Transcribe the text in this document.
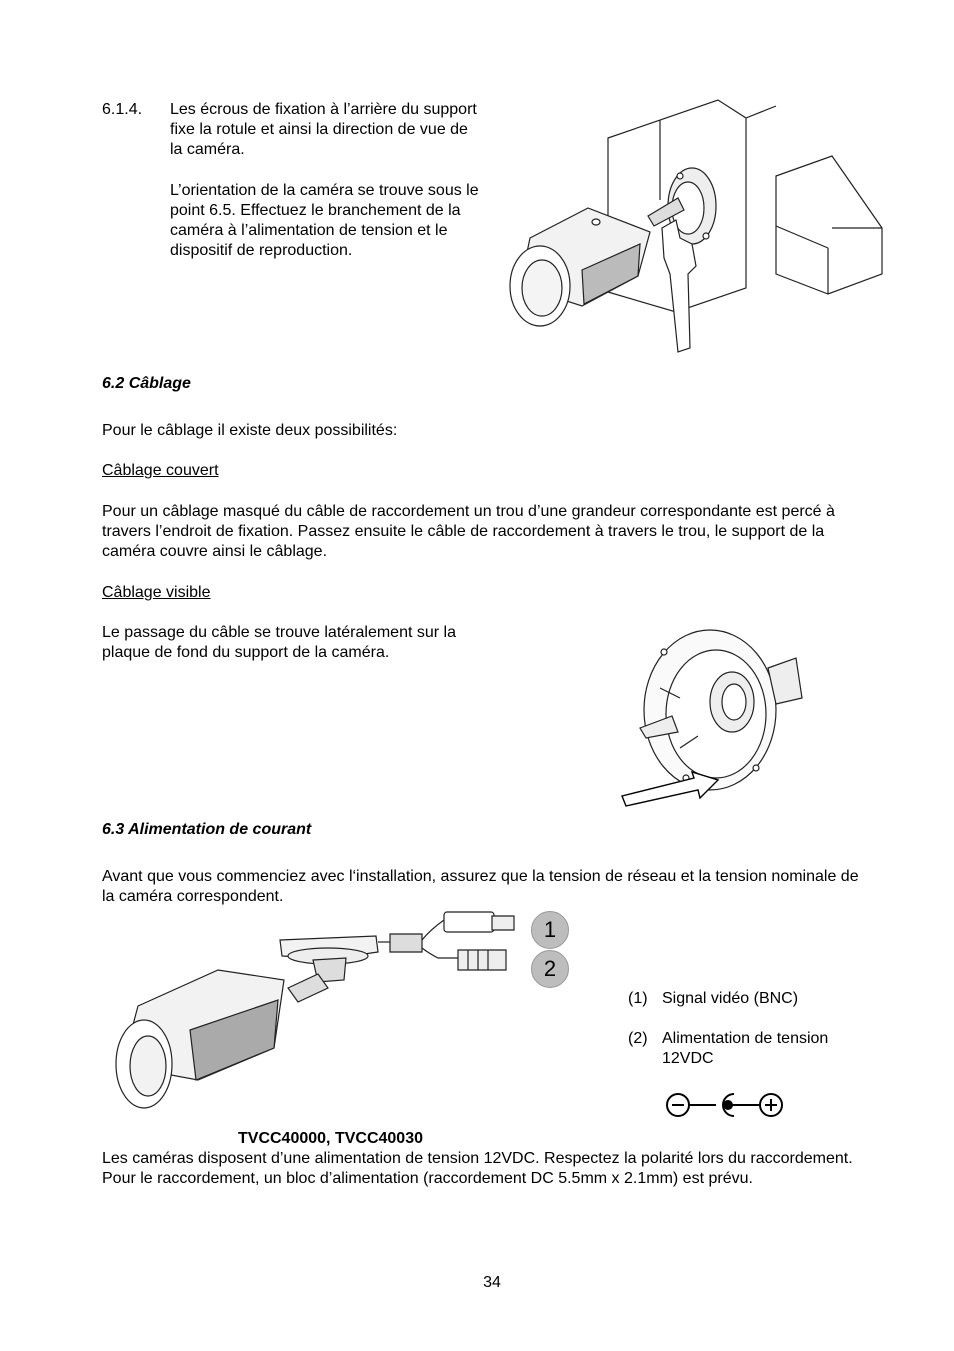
6.1.4.	Les écrous de fixation à l’arrière du support fixe la rotule et ainsi la direction de vue de la caméra.

L’orientation de la caméra se trouve sous le point 6.5. Effectuez le branchement de la caméra à l’alimentation de tension et le dispositif de reproduction.

6.2 Câblage
Pour le câblage il existe deux possibilités:
Câblage couvert

Pour un câblage masqué du câble de raccordement un trou d’une grandeur correspondante est percé à travers l’endroit de fixation. Passez ensuite le câble de raccordement à travers le trou, le support de la caméra couvre ainsi le câblage.

Câblage visible

Le passage du câble se trouve latéralement sur la plaque de fond du support de la caméra.

6.3 Alimentation de courant

Avant que vous commenciez avec l‘installation, assurez que la tension de réseau et la tension nominale de la caméra correspondent.

1
2
(1) Signal vidéo (BNC)
(2) Alimentation de tension
12VDC
TVCC40000, TVCC40030

Les caméras disposent d’une alimentation de tension 12VDC. Respectez la polarité lors du raccordement. Pour le raccordement, un bloc d’alimentation (raccordement DC 5.5mm x 2.1mm) est prévu.

34
